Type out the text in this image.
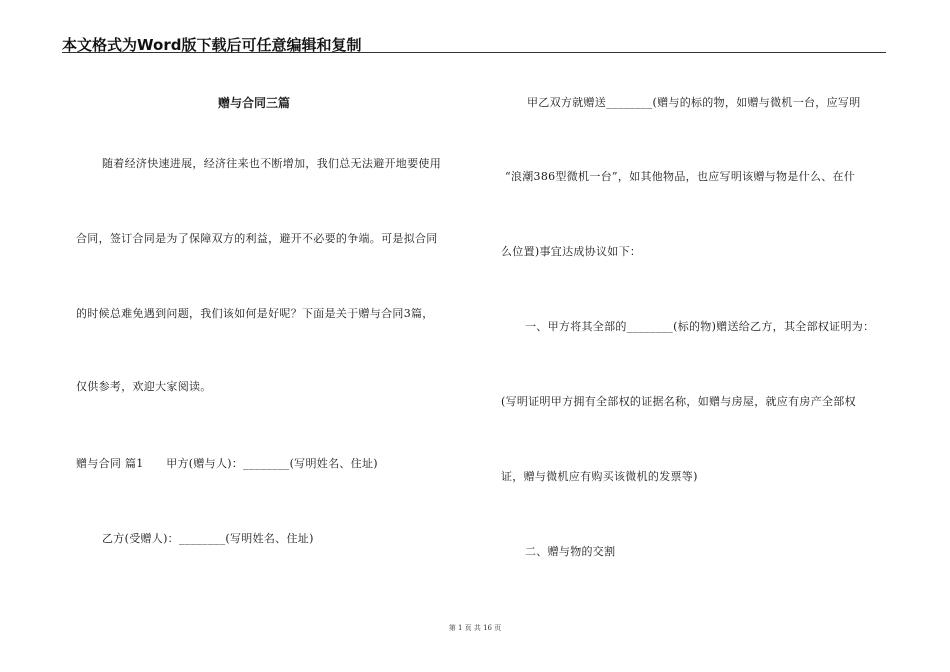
本文格式为Word版下载后可任意编辑和复制
赠与合同三篇
随着经济快速进展，经济往来也不断增加，我们总无法避开地要使用
合同，签订合同是为了保障双方的利益，避开不必要的争端。可是拟合同
的时候总难免遇到问题，我们该如何是好呢？下面是关于赠与合同3篇，
仅供参考，欢迎大家阅读。
赠与合同 篇1　　甲方(赠与人)：________(写明姓名、住址)
乙方(受赠人)：________(写明姓名、住址)
甲乙双方就赠送________(赠与的标的物，如赠与微机一台，应写明
“浪潮386型微机一台”，如其他物品，也应写明该赠与物是什么、在什
么位置)事宜达成协议如下：
一、甲方将其全部的________(标的物)赠送给乙方，其全部权证明为：
(写明证明甲方拥有全部权的证据名称，如赠与房屋，就应有房产全部权
证，赠与微机应有购买该微机的发票等)
二、赠与物的交割
第 1 页 共 16 页
